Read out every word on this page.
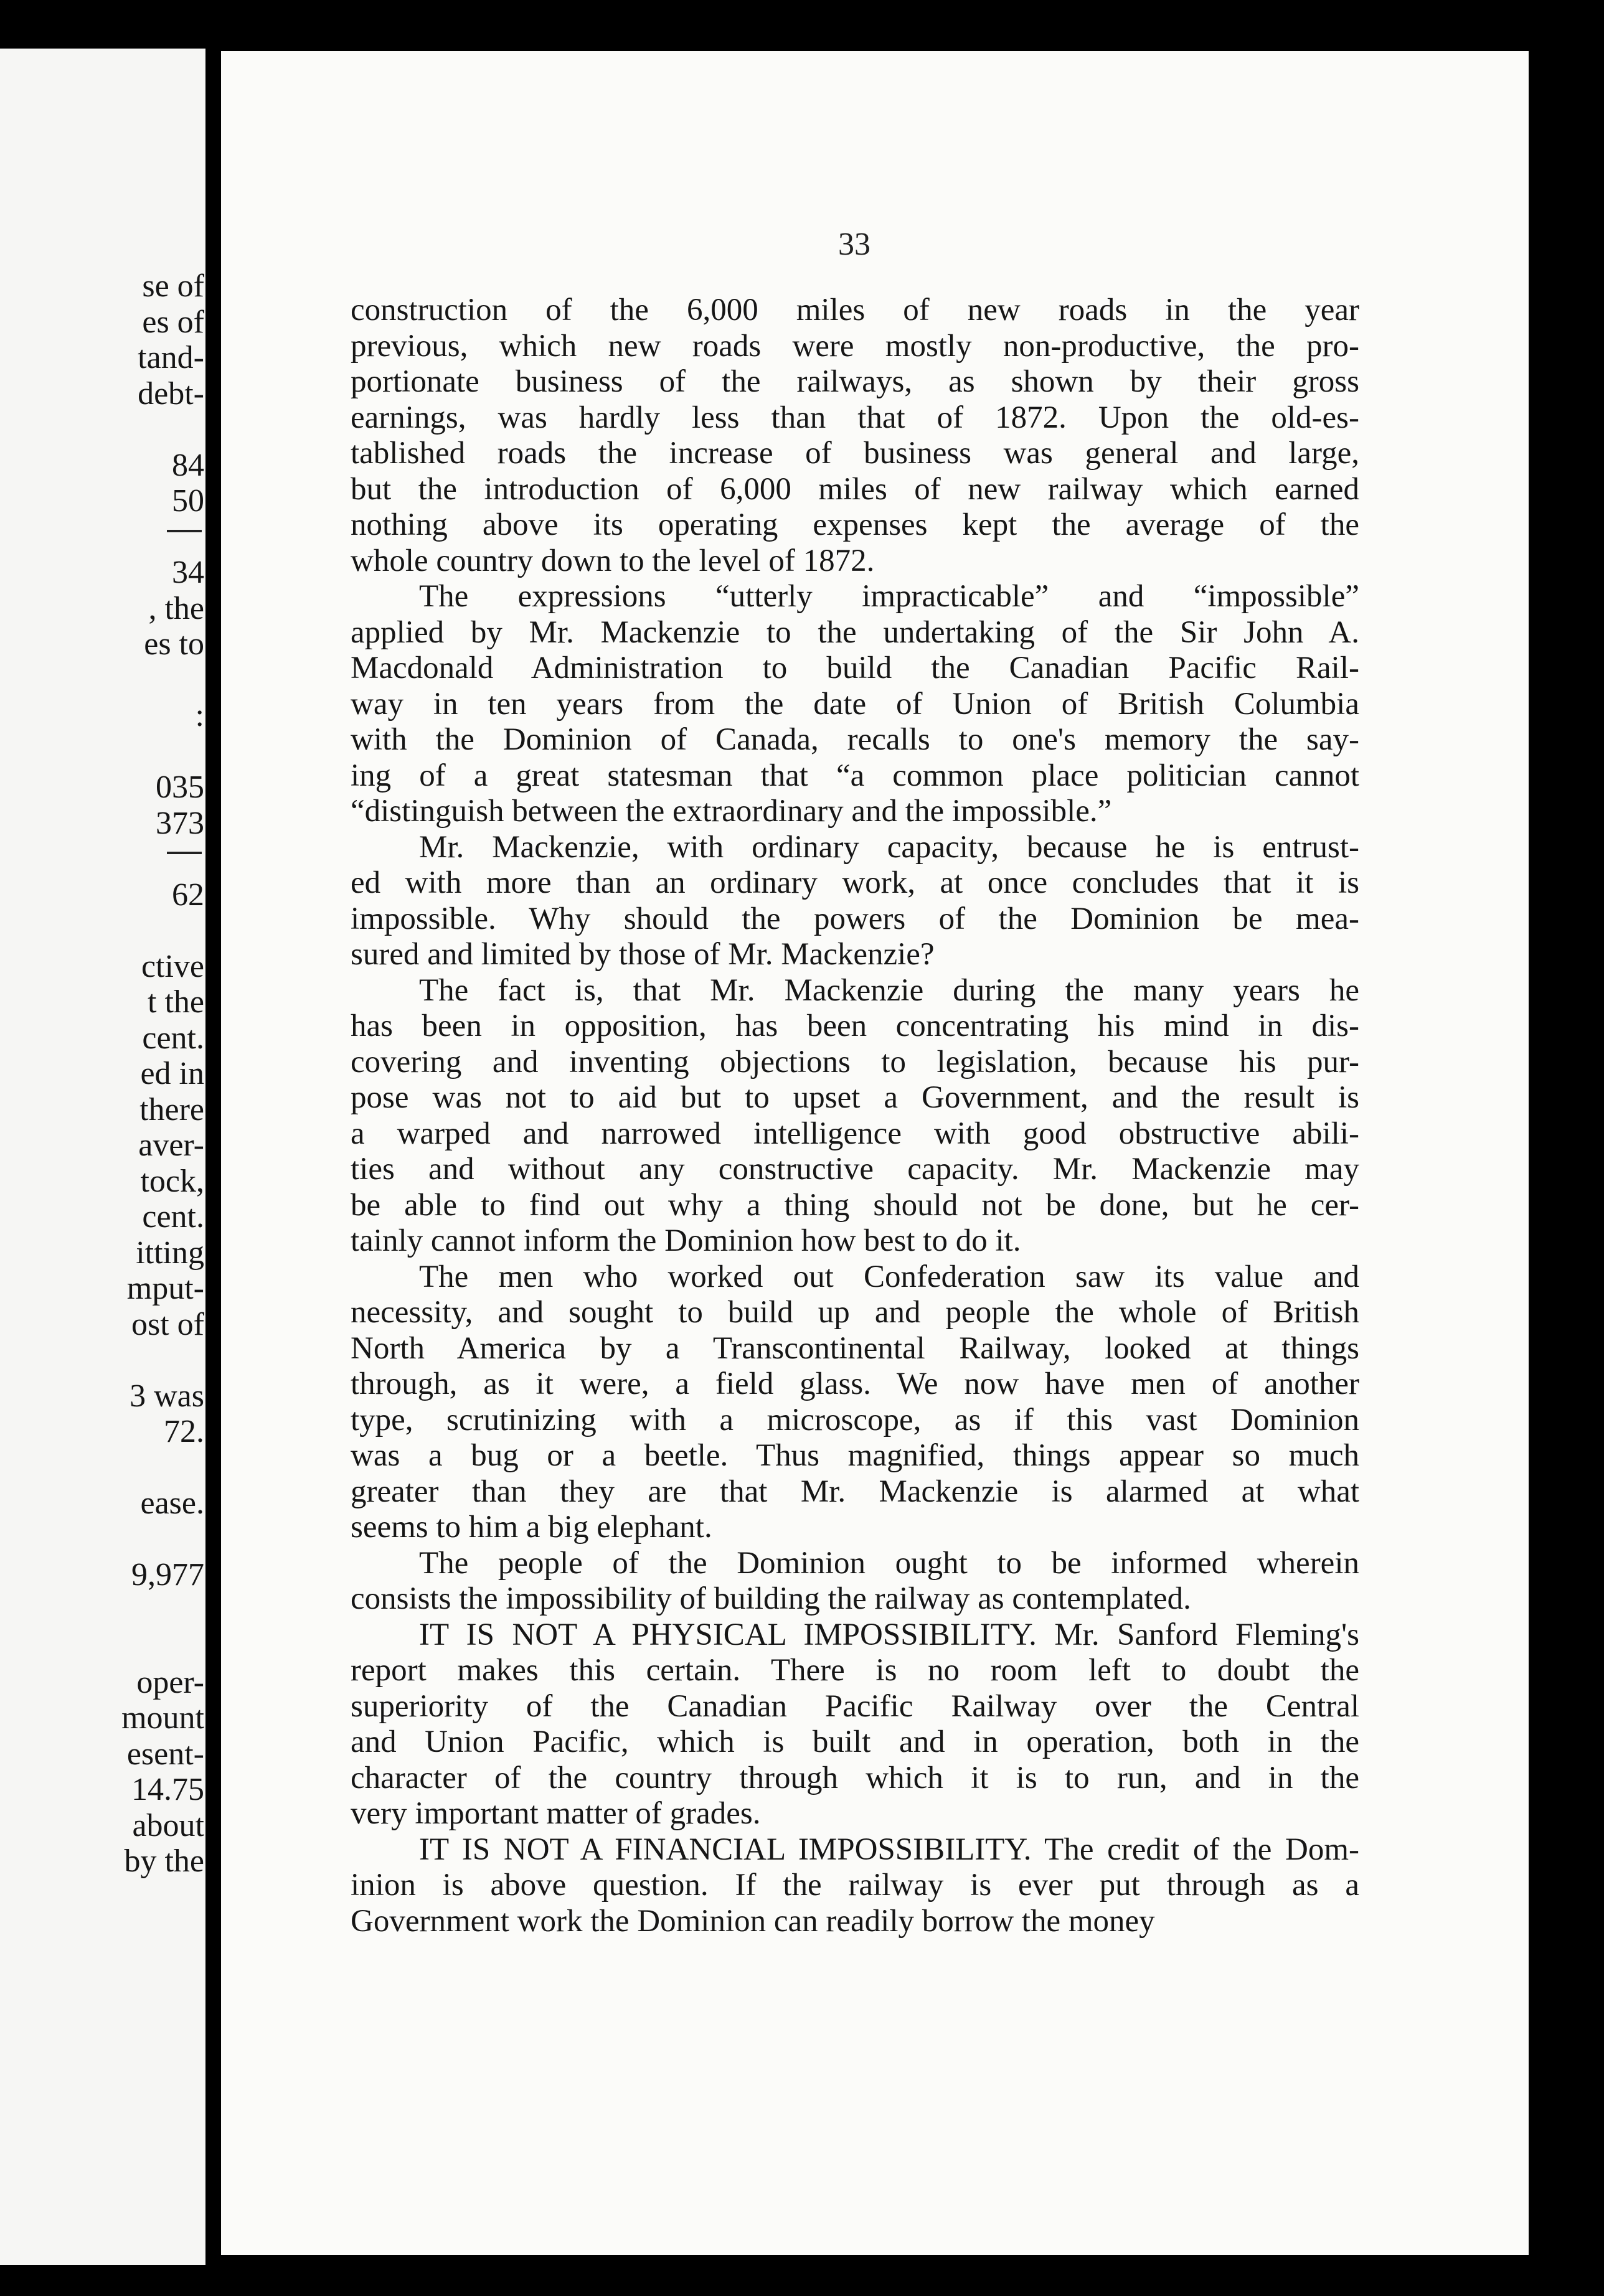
se of
es of
tand-
debt-
84
50
34
, the
es to
:
035
373
62
ctive
t the
cent.
ed in
there
aver-
tock,
cent.
itting
mput-
ost of
3 was
72.
ease.
9,977
oper-
mount
esent-
14.75
about
by the
33
construction of the 6,000 miles of new roads in the year
previous, which new roads were mostly non-productive, the pro-
portionate business of the railways, as shown by their gross
earnings, was hardly less than that of 1872. Upon the old-es-
tablished roads the increase of business was general and large,
but the introduction of 6,000 miles of new railway which earned
nothing above its operating expenses kept the average of the
whole country down to the level of 1872.
The expressions “utterly impracticable” and “impossible”
applied by Mr. Mackenzie to the undertaking of the Sir John A.
Macdonald Administration to build the Canadian Pacific Rail-
way in ten years from the date of Union of British Columbia
with the Dominion of Canada, recalls to one's memory the say-
ing of a great statesman that “a common place politician cannot
“distinguish between the extraordinary and the impossible.”
Mr. Mackenzie, with ordinary capacity, because he is entrust-
ed with more than an ordinary work, at once concludes that it is
impossible. Why should the powers of the Dominion be mea-
sured and limited by those of Mr. Mackenzie?
The fact is, that Mr. Mackenzie during the many years he
has been in opposition, has been concentrating his mind in dis-
covering and inventing objections to legislation, because his pur-
pose was not to aid but to upset a Government, and the result is
a warped and narrowed intelligence with good obstructive abili-
ties and without any constructive capacity. Mr. Mackenzie may
be able to find out why a thing should not be done, but he cer-
tainly cannot inform the Dominion how best to do it.
The men who worked out Confederation saw its value and
necessity, and sought to build up and people the whole of British
North America by a Transcontinental Railway, looked at things
through, as it were, a field glass. We now have men of another
type, scrutinizing with a microscope, as if this vast Dominion
was a bug or a beetle. Thus magnified, things appear so much
greater than they are that Mr. Mackenzie is alarmed at what
seems to him a big elephant.
The people of the Dominion ought to be informed wherein
consists the impossibility of building the railway as contemplated.
IT IS NOT A PHYSICAL IMPOSSIBILITY. Mr. Sanford Fleming's
report makes this certain. There is no room left to doubt the
superiority of the Canadian Pacific Railway over the Central
and Union Pacific, which is built and in operation, both in the
character of the country through which it is to run, and in the
very important matter of grades.
IT IS NOT A FINANCIAL IMPOSSIBILITY. The credit of the Dom-
inion is above question. If the railway is ever put through as a
Government work the Dominion can readily borrow the money
